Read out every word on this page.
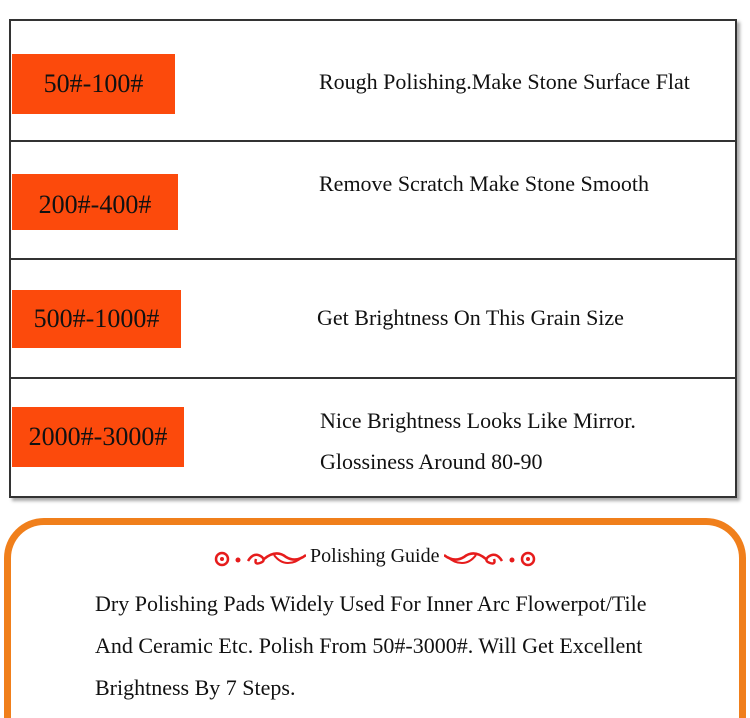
50#-100#	Rough Polishing.Make Stone Surface Flat
200#-400#
Remove Scratch Make Stone Smooth
500#-1000#	Get Brightness On This Grain Size
2000#-3000#
Nice Brightness Looks Like Mirror.
Glossiness Around 80-90
Polishing Guide
Dry Polishing Pads Widely Used For Inner Arc Flowerpot/Tile
And Ceramic Etc. Polish From 50#-3000#. Will Get Excellent
Brightness By 7 Steps.
